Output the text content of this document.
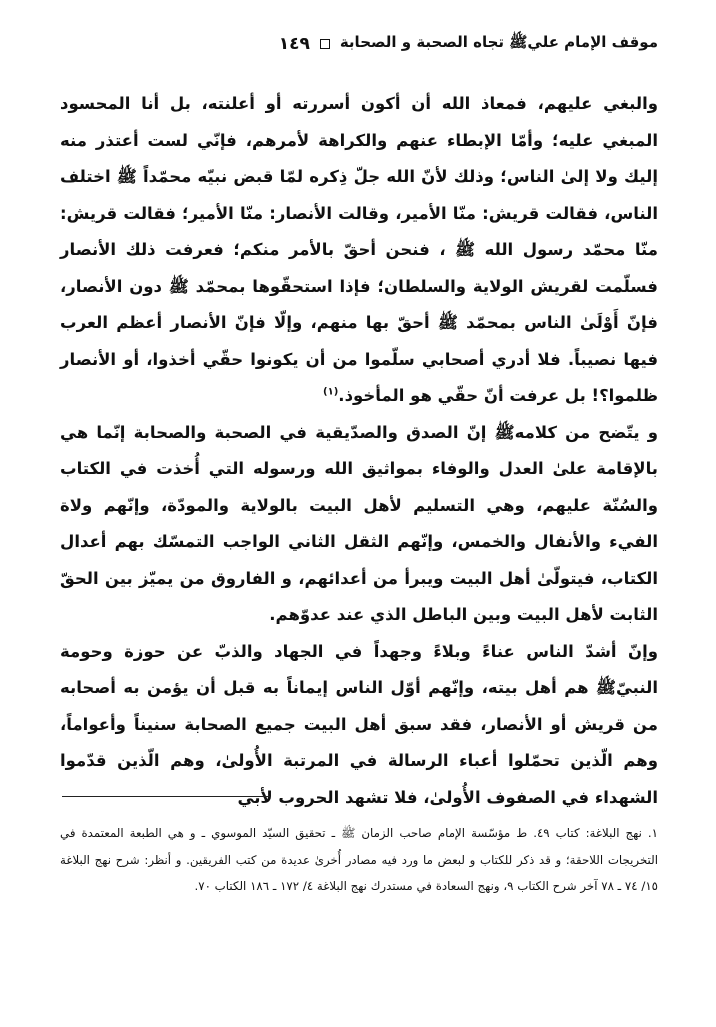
موقف الإمام عليﷺ تجاه الصحبة و الصحابة
١٤٩

والبغي عليهم، فمعاذ الله أن أكون أسررته أو أعلنته، بل أنا المحسود المبغي عليه؛ وأمّا الإبطاء عنهم والكراهة لأمرهم، فإنّي لست أعتذر منه إليك ولا إلىٰ الناس؛ وذلك لأنّ الله جلّ ذِكره لمّا قبض نبيّه محمّداً ﷺ اختلف الناس، فقالت قريش: منّا الأمير، وقالت الأنصار: منّا الأمير؛ فقالت قريش: منّا محمّد رسول الله ﷺ ، فنحن أحقّ بالأمر منكم؛ فعرفت ذلك الأنصار فسلّمت لقريش الولاية والسلطان؛ فإذا استحقّوها بمحمّد ﷺ دون الأنصار، فإنّ أَوْلَىٰ الناس بمحمّد ﷺ أحقّ بها منهم، وإلّا فإنّ الأنصار أعظم العرب فيها نصيباً. فلا أدري أصحابي سلّموا من أن يكونوا حقّي أخذوا، أو الأنصار ظلموا؟! بل عرفت أنّ حقّي هو المأخوذ.$^{(١)}$

و يتّضح من كلامهﷺ إنّ الصدق والصدّيقية في الصحبة والصحابة إنّما هي بالإقامة علىٰ العدل والوفاء بمواثيق الله ورسوله التي أُخذت في الكتاب والسُنّة عليهم، وهي التسليم لأهل البيت بالولاية والمودّة، وإنّهم ولاة الفيء والأنفال والخمس، وإنّهم الثقل الثاني الواجب التمسّك بهم أعدال الكتاب، فيتولّىٰ أهل البيت ويبرأ من أعدائهم، و الفاروق من يميّز بين الحقّ الثابت لأهل البيت وبين الباطل الذي عند عدوّهم.

وإنّ أشدّ الناس عناءً وبلاءً وجهداً في الجهاد والذبّ عن حوزة وحومة النبيّﷺ هم أهل بيته، وإنّهم أوّل الناس إيماناً به قبل أن يؤمن به أصحابه من قريش أو الأنصار، فقد سبق أهل البيت جميع الصحابة سنيناً وأعواماً، وهم الّذين تحمّلوا أعباء الرسالة في المرتبة الأُولىٰ، وهم الّذين قدّموا الشهداء في الصفوف الأُولىٰ، فلا تشهد الحروب لأبي

١. نهج البلاغة: كتاب ٤٩. ط مؤسّسة الإمام صاحب الزمان ﷺ ـ تحقيق السيّد الموسوي ـ و هي الطبعة المعتمدة في التخريجات اللاحقة؛ و قد ذكر للكتاب و لبعض ما ورد فيه مصادر أُخرىٰ عديدة من كتب الفريقين. و أنظر: شرح نهج البلاغة ١٥/ ٧٤ ـ ٧٨ آخر شرح الكتاب ٩، ونهج السعادة في مستدرك نهج البلاغة ٤/ ١٧٢ ـ ١٨٦ الكتاب ٧٠.
